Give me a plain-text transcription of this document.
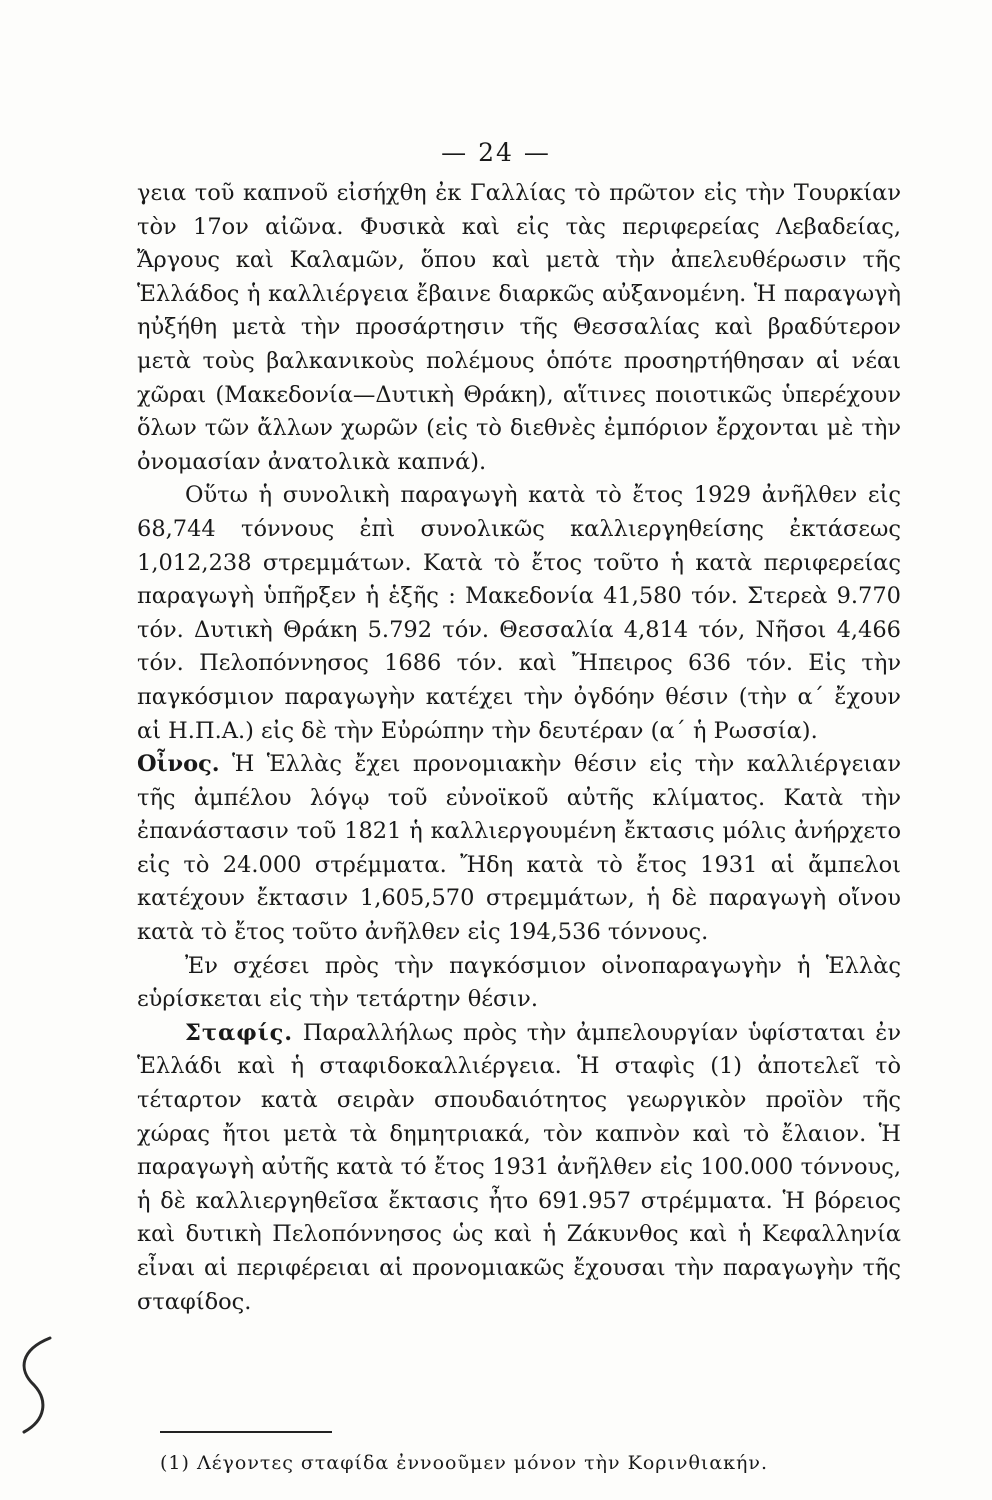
— 24 —

γεια τοῦ καπνοῦ εἰσήχθη ἐκ Γαλλίας τὸ πρῶτον εἰς τὴν Τουρκίαν τὸν 17ον αἰῶνα. Φυσικὰ καὶ εἰς τὰς περιφερείας Λεβαδείας, Ἄργους καὶ Καλαμῶν, ὅπου καὶ μετὰ τὴν ἀπελευθέρωσιν τῆς Ἑλλάδος ἡ καλλιέργεια ἔβαινε διαρκῶς αὐξανομένη. Ἡ παραγωγὴ ηὐξήθη μετὰ τὴν προσάρτησιν τῆς Θεσσαλίας καὶ βραδύτερον μετὰ τοὺς βαλκανικοὺς πολέμους ὁπότε προσηρτήθησαν αἱ νέαι χῶραι (Μακεδονία—Δυτικὴ Θράκη), αἵτινες ποιοτικῶς ὑπερέχουν ὅλων τῶν ἄλλων χωρῶν (εἰς τὸ διεθνὲς ἐμπόριον ἔρχονται μὲ τὴν ὀνομασίαν ἀνατολικὰ καπνά).

Οὕτω ἡ συνολικὴ παραγωγὴ κατὰ τὸ ἔτος 1929 ἀνῆλθεν εἰς 68,744 τόννους ἐπὶ συνολικῶς καλλιεργηθείσης ἐκτάσεως 1,012,238 στρεμμάτων. Κατὰ τὸ ἔτος τοῦτο ἡ κατὰ περιφερείας παραγωγὴ ὑπῆρξεν ἡ ἑξῆς : Μακεδονία 41,580 τόν. Στερεὰ 9.770 τόν. Δυτικὴ Θράκη 5.792 τόν. Θεσσαλία 4,814 τόν, Νῆσοι 4,466 τόν. Πελοπόννησος 1686 τόν. καὶ Ἤπειρος 636 τόν. Εἰς τὴν παγκόσμιον παραγωγὴν κατέχει τὴν ὀγδόην θέσιν (τὴν α΄ ἔχουν αἱ Η.Π.Α.) εἰς δὲ τὴν Εὐρώπην τὴν δευτέραν (α΄ ἡ Ρωσσία).

Οἶνος. Ἡ Ἑλλὰς ἔχει προνομιακὴν θέσιν εἰς τὴν καλλιέργειαν τῆς ἀμπέλου λόγῳ τοῦ εὐνοϊκοῦ αὐτῆς κλίματος. Κατὰ τὴν ἐπανάστασιν τοῦ 1821 ἡ καλλιεργουμένη ἔκτασις μόλις ἀνήρχετο εἰς τὸ 24.000 στρέμματα. Ἤδη κατὰ τὸ ἔτος 1931 αἱ ἄμπελοι κατέχουν ἔκτασιν 1,605,570 στρεμμάτων, ἡ δὲ παραγωγὴ οἴνου κατὰ τὸ ἔτος τοῦτο ἀνῆλθεν εἰς 194,536 τόννους.

Ἐν σχέσει πρὸς τὴν παγκόσμιον οἰνοπαραγωγὴν ἡ Ἑλλὰς εὑρίσκεται εἰς τὴν τετάρτην θέσιν.

Σταφίς. Παραλλήλως πρὸς τὴν ἀμπελουργίαν ὑφίσταται ἐν Ἑλλάδι καὶ ἡ σταφιδοκαλλιέργεια. Ἡ σταφὶς (1) ἀποτελεῖ τὸ τέταρτον κατὰ σειρὰν σπουδαιότητος γεωργικὸν προϊὸν τῆς χώρας ἤτοι μετὰ τὰ δημητριακά, τὸν καπνὸν καὶ τὸ ἔλαιον. Ἡ παραγωγὴ αὐτῆς κατὰ τό ἔτος 1931 ἀνῆλθεν εἰς 100.000 τόννους, ἡ δὲ καλλιεργηθεῖσα ἔκτασις ἦτο 691.957 στρέμματα. Ἡ βόρειος καὶ δυτικὴ Πελοπόννησος ὡς καὶ ἡ Ζάκυνθος καὶ ἡ Κεφαλληνία εἶναι αἱ περιφέρειαι αἱ προνομιακῶς ἔχουσαι τὴν παραγωγὴν τῆς σταφίδος.

(1) Λέγοντες σταφίδα ἐννοοῦμεν μόνον τὴν Κορινθιακήν.
